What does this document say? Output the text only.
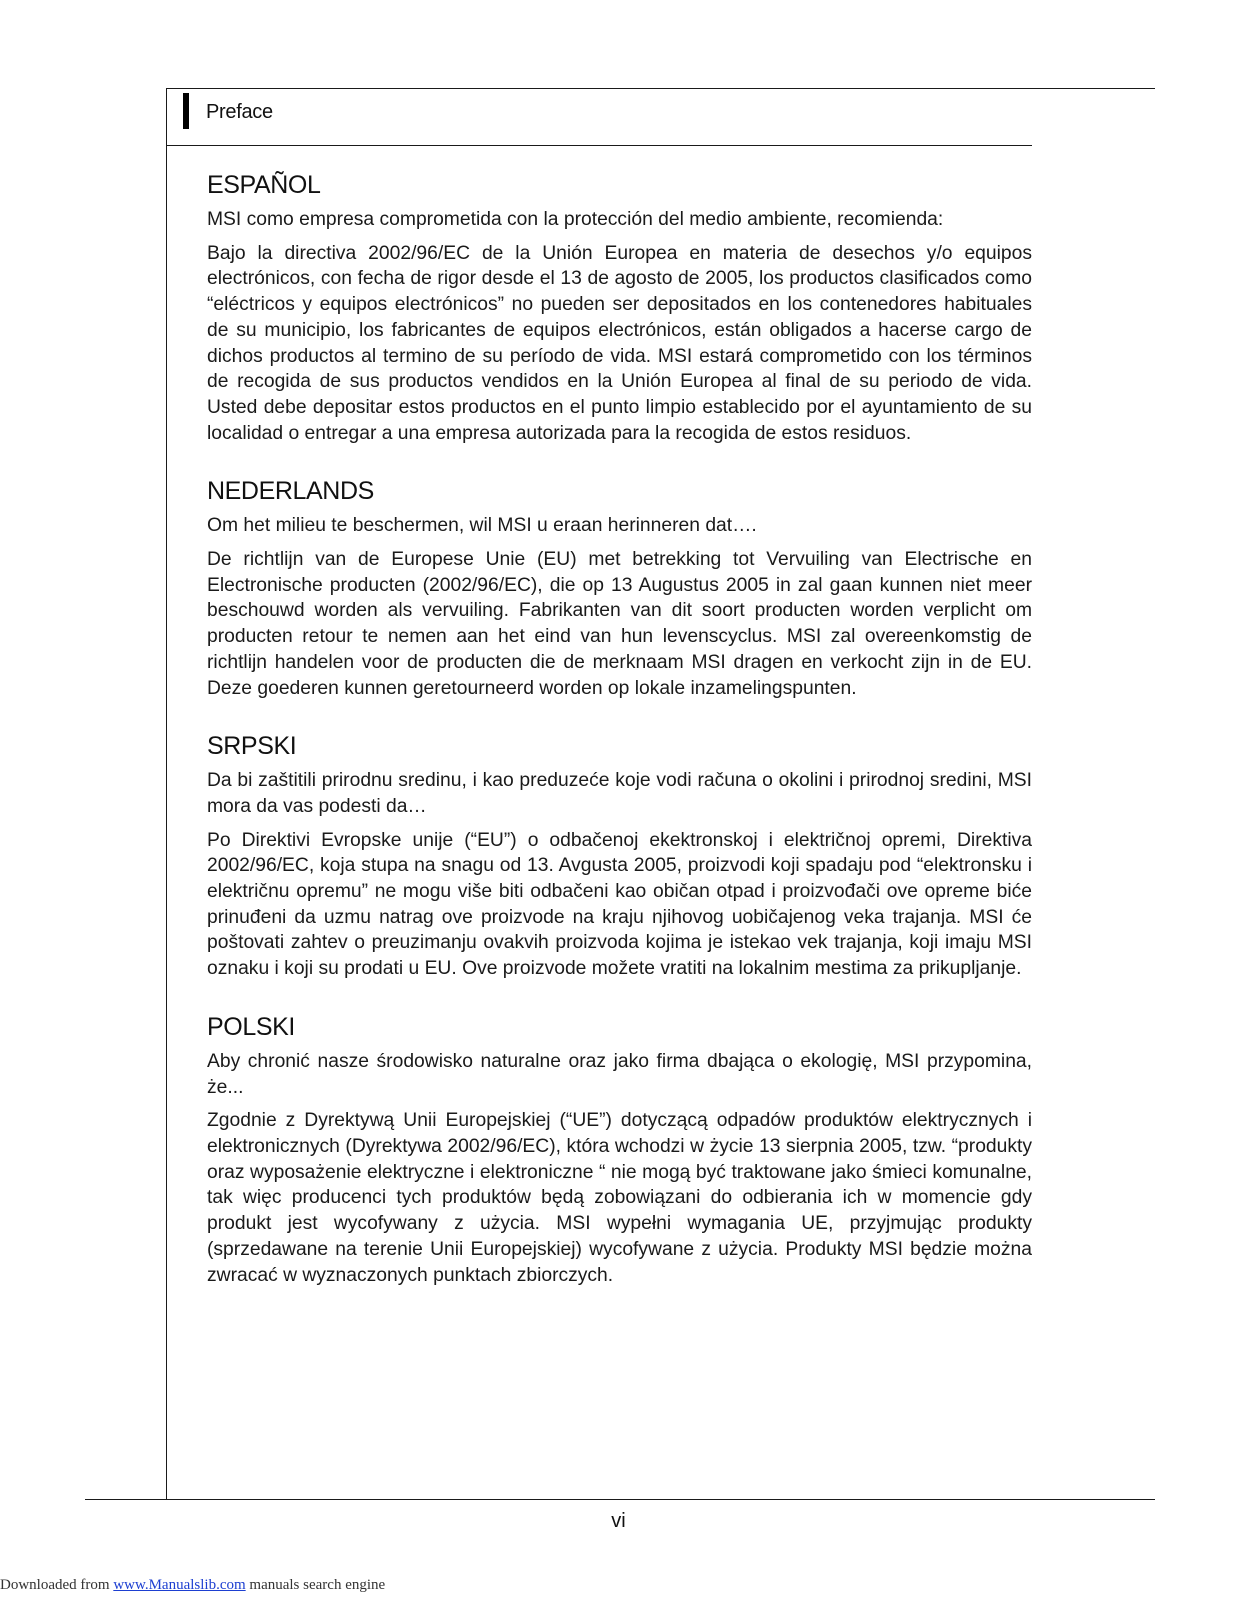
Preface
ESPAÑOL

MSI como empresa comprometida con la protección del medio ambiente, recomienda:

Bajo la directiva 2002/96/EC de la Unión Europea en materia de desechos y/o equipos electrónicos, con fecha de rigor desde el 13 de agosto de 2005, los productos clasificados como “eléctricos y equipos electrónicos” no pueden ser depositados en los contenedores habituales de su municipio, los fabricantes de equipos electrónicos, están obligados a hacerse cargo de dichos productos al termino de su período de vida. MSI estará comprometido con los términos de recogida de sus productos vendidos en la Unión Europea al final de su periodo de vida. Usted debe depositar estos productos en el punto limpio establecido por el ayuntamiento de su localidad o entregar a una empresa autorizada para la recogida de estos residuos.

NEDERLANDS

Om het milieu te beschermen, wil MSI u eraan herinneren dat….

De richtlijn van de Europese Unie (EU) met betrekking tot Vervuiling van Electrische en Electronische producten (2002/96/EC), die op 13 Augustus 2005 in zal gaan kunnen niet meer beschouwd worden als vervuiling. Fabrikanten van dit soort producten worden verplicht om producten retour te nemen aan het eind van hun levenscyclus. MSI zal overeenkomstig de richtlijn handelen voor de producten die de merknaam MSI dragen en verkocht zijn in de EU. Deze goederen kunnen geretourneerd worden op lokale inzamelingspunten.

SRPSKI

Da bi zaštitili prirodnu sredinu, i kao preduzeće koje vodi računa o okolini i prirodnoj sredini, MSI mora da vas podesti da…

Po Direktivi Evropske unije (“EU”) o odbačenoj ekektronskoj i električnoj opremi, Direktiva 2002/96/EC, koja stupa na snagu od 13. Avgusta 2005, proizvodi koji spadaju pod “elektronsku i električnu opremu” ne mogu više biti odbačeni kao običan otpad i proizvođači ove opreme biće prinuđeni da uzmu natrag ove proizvode na kraju njihovog uobičajenog veka trajanja. MSI će poštovati zahtev o preuzimanju ovakvih proizvoda kojima je istekao vek trajanja, koji imaju MSI oznaku i koji su prodati u EU. Ove proizvode možete vratiti na lokalnim mestima za prikupljanje.

POLSKI

Aby chronić nasze środowisko naturalne oraz jako firma dbająca o ekologię, MSI przypomina, że...

Zgodnie z Dyrektywą Unii Europejskiej (“UE”) dotyczącą odpadów produktów elektrycznych i elektronicznych (Dyrektywa 2002/96/EC), która wchodzi w życie 13 sierpnia 2005, tzw. “produkty oraz wyposażenie elektryczne i elektroniczne “ nie mogą być traktowane jako śmieci komunalne, tak więc producenci tych produktów będą zobowiązani do odbierania ich w momencie gdy produkt jest wycofywany z użycia. MSI wypełni wymagania UE, przyjmując produkty (sprzedawane na terenie Unii Europejskiej) wycofywane z użycia. Produkty MSI będzie można zwracać w wyznaczonych punktach zbiorczych.

vi
Downloaded from www.Manualslib.com manuals search engine
